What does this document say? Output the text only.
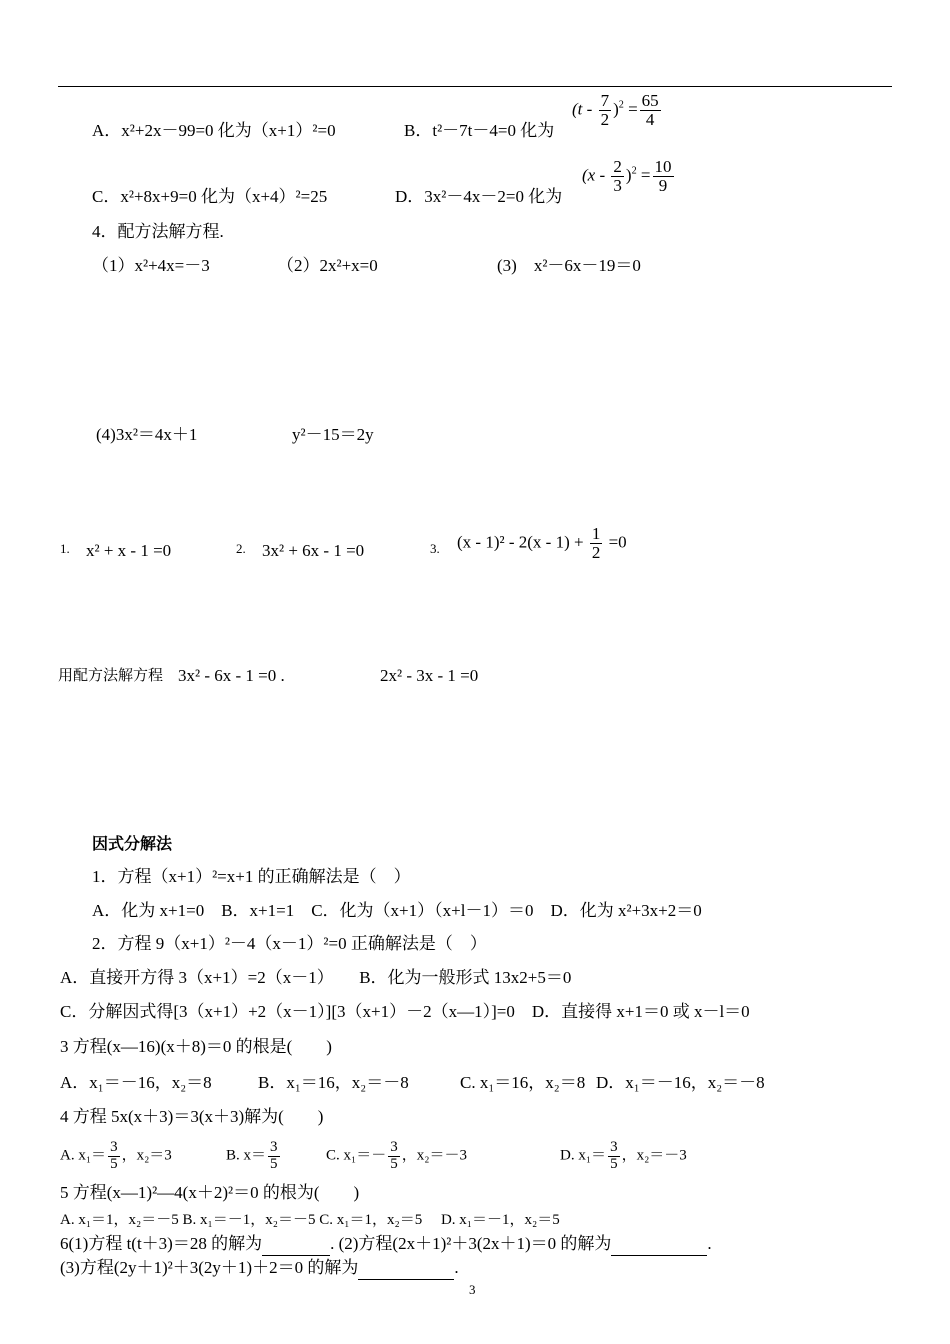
A．x²+2x－99=0 化为（x+1）²=0	B．t²－7t－4=0 化为
$(t - \frac{7}{2} )^2 = \frac{65}{4}$
C．x²+8x+9=0 化为（x+4）²=25	D．3x²－4x－2=0 化为
$(x - \frac{2}{3} )^2 = \frac{10}{9}$
4．配方法解方程.
（1）x²+4x=－3	（2）2x²+x=0	(3)　x²－6x－19＝0
(4)3x²＝4x＋1	y²－15＝2y
1. x² + x - 1 =0	2. 3x² + 6x - 1 =0	3. $(x - 1)^2 - 2(x - 1) + \frac{1}{2} =0$
用配方法解方程 3x² - 6x - 1 =0 .	2x² - 3x - 1 =0
因式分解法
1．方程（x+1）²=x+1 的正确解法是（　）
A．化为 x+1=0　B．x+1=1　C．化为（x+1）（x+l－1）＝0　D．化为 x²+3x+2＝0
2．方程 9（x+1）²－4（x－1）²=0 正确解法是（　）
A．直接开方得 3（x+1）=2（x－1）　　B．化为一般形式 13x2+5＝0
C．分解因式得[3（x+1）+2（x－1）][3（x+1）－2（x—1）]=0　D．直接得 x+1＝0 或 x－l＝0
3 方程(x—16)(x＋8)＝0 的根是(　　)
A．x₁＝－16，x₂＝8	B．x₁＝16，x₂＝－8	C. x₁＝16，x₂＝8 D．x₁＝－16，x₂＝－8
4 方程 5x(x＋3)＝3(x＋3)解为(　　)
A. $x_1= \frac{3}{5}$ ，x₂＝3	B. $x= \frac{3}{5}$	C. $x_1=- \frac{3}{5}$ ，x₂＝－3	D. $x_1= \frac{3}{5}$ ，x₂＝－3
5 方程(x—1)²—4(x＋2)²＝0 的根为(　　)
A. x₁＝1，x₂＝－5 B. x₁＝－1，x₂＝－5 C. x₁＝1，x₂＝5　 D. x₁＝－1，x₂＝5
6(1)方程 t(t＋3)＝28 的解为	. (2)方程(2x＋1)²＋3(2x＋1)＝0 的解为	.
(3)方程(2y＋1)²＋3(2y＋1)＋2＝0 的解为	.
3
